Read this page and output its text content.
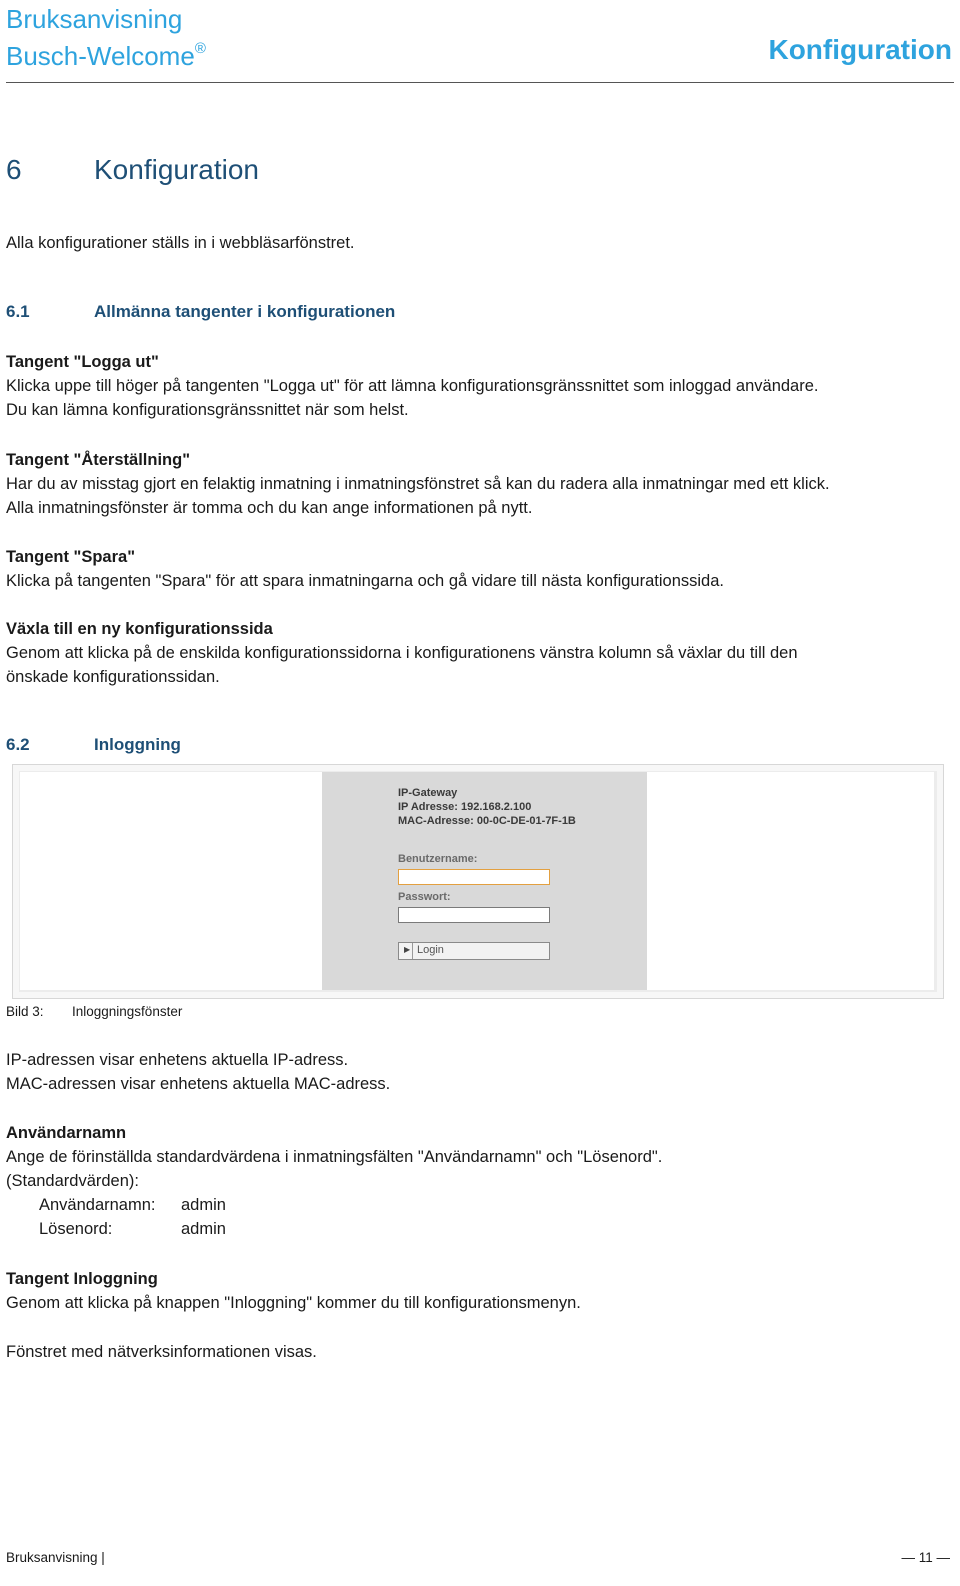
Bruksanvisning
Busch-Welcome®	Konfiguration
6	Konfiguration
Alla konfigurationer ställs in i webbläsarfönstret.
6.1	Allmänna tangenter i konfigurationen
Tangent "Logga ut"
Klicka uppe till höger på tangenten "Logga ut" för att lämna konfigurationsgränssnittet som inloggad användare.
Du kan lämna konfigurationsgränssnittet när som helst.
Tangent "Återställning"
Har du av misstag gjort en felaktig inmatning i inmatningsfönstret så kan du radera alla inmatningar med ett klick.
Alla inmatningsfönster är tomma och du kan ange informationen på nytt.
Tangent "Spara"
Klicka på tangenten "Spara" för att spara inmatningarna och gå vidare till nästa konfigurationssida.
Växla till en ny konfigurationssida
Genom att klicka på de enskilda konfigurationssidorna i konfigurationens vänstra kolumn så växlar du till den
önskade konfigurationssidan.
6.2	Inloggning
IP-Gateway
IP Adresse: 192.168.2.100
MAC-Adresse: 00-0C-DE-01-7F-1B
Benutzername:
Passwort:
▶ Login
Bild 3: Inloggningsfönster
IP-adressen visar enhetens aktuella IP-adress.
MAC-adressen visar enhetens aktuella MAC-adress.
Användarnamn
Ange de förinställda standardvärdena i inmatningsfälten "Användarnamn" och "Lösenord".
(Standardvärden):
Användarnamn: admin
Lösenord:	admin
Tangent Inloggning
Genom att klicka på knappen "Inloggning" kommer du till konfigurationsmenyn.
Fönstret med nätverksinformationen visas.
Bruksanvisning |	— 11 —
